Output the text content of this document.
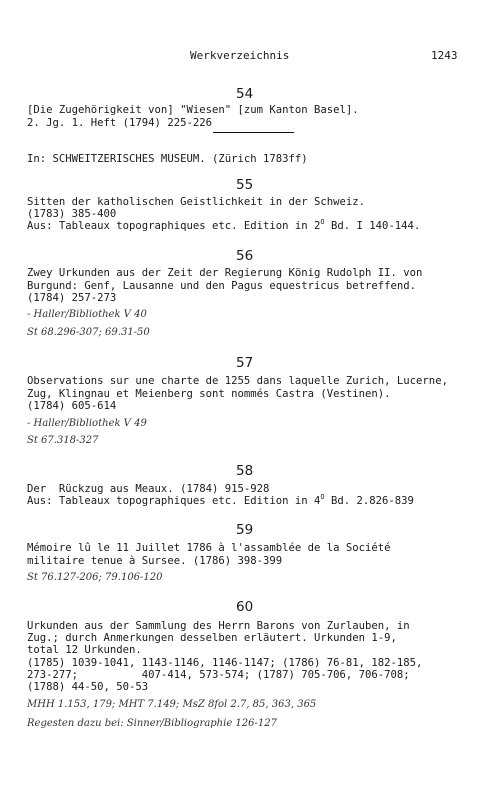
Werkverzeichnis	1243
54
[Die Zugehörigkeit von] "Wiesen" [zum Kanton Basel].
2. Jg. 1. Heft (1794) 225-226
In: SCHWEITZERISCHES MUSEUM. (Zürich 1783ff)
55
Sitten der katholischen Geistlichkeit in der Schweiz.
(1783) 385-400
Aus: Tableaux topographiques etc. Edition in $2^O$ Bd. I 140-144.
56
Zwey Urkunden aus der Zeit der Regierung König Rudolph II. von
Burgund: Genf, Lausanne und den Pagus equestricus betreffend.
(1784) 257-273
- Haller/Bibliothek V 40
St 68.296-307; 69.31-50
57
Observations sur une charte de 1255 dans laquelle Zurich, Lucerne,
Zug, Klingnau et Meienberg sont nommés Castra (Vestinen).
(1784) 605-614
- Haller/Bibliothek V 49
St 67.318-327
58
Der  Rückzug aus Meaux. (1784) 915-928
Aus: Tableaux topographiques etc. Edition in $4^O$ Bd. 2.826-839
59
Mémoire lû le 11 Juillet 1786 à l'assamblée de la Société
militaire tenue à Sursee. (1786) 398-399
St 76.127-206; 79.106-120
60
Urkunden aus der Sammlung des Herrn Barons von Zurlauben, in
Zug.; durch Anmerkungen desselben erläutert. Urkunden 1-9,
total 12 Urkunden.
(1785) 1039-1041, 1143-1146, 1146-1147; (1786) 76-81, 182-185,
273-277;          407-414, 573-574; (1787) 705-706, 706-708;
(1788) 44-50, 50-53
MHH 1.153, 179; MHT 7.149; MsZ 8fol 2.7, 85, 363, 365
Regesten dazu bei: Sinner/Bibliographie 126-127
